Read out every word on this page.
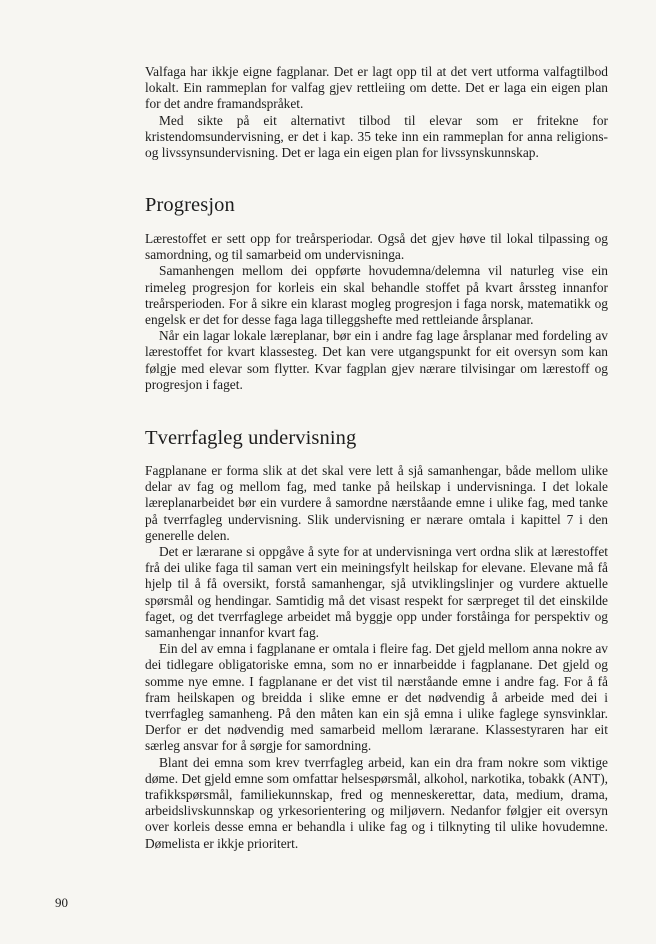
Valfaga har ikkje eigne fagplanar. Det er lagt opp til at det vert utforma valfagtilbod lokalt. Ein rammeplan for valfag gjev rettleiing om dette. Det er laga ein eigen plan for det andre framandspråket.

Med sikte på eit alternativt tilbod til elevar som er fritekne for kristendomsundervisning, er det i kap. 35 teke inn ein rammeplan for anna religions- og livssynsundervisning. Det er laga ein eigen plan for livssynskunnskap.

Progresjon

Lærestoffet er sett opp for treårsperiodar. Også det gjev høve til lokal tilpassing og samordning, og til samarbeid om undervisninga.

Samanhengen mellom dei oppførte hovudemna/delemna vil naturleg vise ein rimeleg progresjon for korleis ein skal behandle stoffet på kvart årssteg innanfor treårsperioden. For å sikre ein klarast mogleg progresjon i faga norsk, matematikk og engelsk er det for desse faga laga tilleggshefte med rettleiande årsplanar.

Når ein lagar lokale læreplanar, bør ein i andre fag lage årsplanar med fordeling av lærestoffet for kvart klassesteg. Det kan vere utgangspunkt for eit oversyn som kan følgje med elevar som flytter. Kvar fagplan gjev nærare tilvisingar om lærestoff og progresjon i faget.

Tverrfagleg undervisning

Fagplanane er forma slik at det skal vere lett å sjå samanhengar, både mellom ulike delar av fag og mellom fag, med tanke på heilskap i undervisninga. I det lokale læreplanarbeidet bør ein vurdere å samordne nærståande emne i ulike fag, med tanke på tverrfagleg undervisning. Slik undervisning er nærare omtala i kapittel 7 i den generelle delen.

Det er lærarane si oppgåve å syte for at undervisninga vert ordna slik at lærestoffet frå dei ulike faga til saman vert ein meiningsfylt heilskap for elevane. Elevane må få hjelp til å få oversikt, forstå samanhengar, sjå utviklingslinjer og vurdere aktuelle spørsmål og hendingar. Samtidig må det visast respekt for særpreget til det einskilde faget, og det tverrfaglege arbeidet må byggje opp under forståinga for perspektiv og samanhengar innanfor kvart fag.

Ein del av emna i fagplanane er omtala i fleire fag. Det gjeld mellom anna nokre av dei tidlegare obligatoriske emna, som no er innarbeidde i fagplanane. Det gjeld og somme nye emne. I fagplanane er det vist til nærståande emne i andre fag. For å få fram heilskapen og breidda i slike emne er det nødvendig å arbeide med dei i tverrfagleg samanheng. På den måten kan ein sjå emna i ulike faglege synsvinklar. Derfor er det nødvendig med samarbeid mellom lærarane. Klassestyraren har eit særleg ansvar for å sørgje for samordning.

Blant dei emna som krev tverrfagleg arbeid, kan ein dra fram nokre som viktige døme. Det gjeld emne som omfattar helsespørsmål, alkohol, narkotika, tobakk (ANT), trafikkspørsmål, familiekunnskap, fred og menneskerettar, data, medium, drama, arbeidslivskunnskap og yrkesorientering og miljøvern. Nedanfor følgjer eit oversyn over korleis desse emna er behandla i ulike fag og i tilknyting til ulike hovudemne. Dømelista er ikkje prioritert.

90
